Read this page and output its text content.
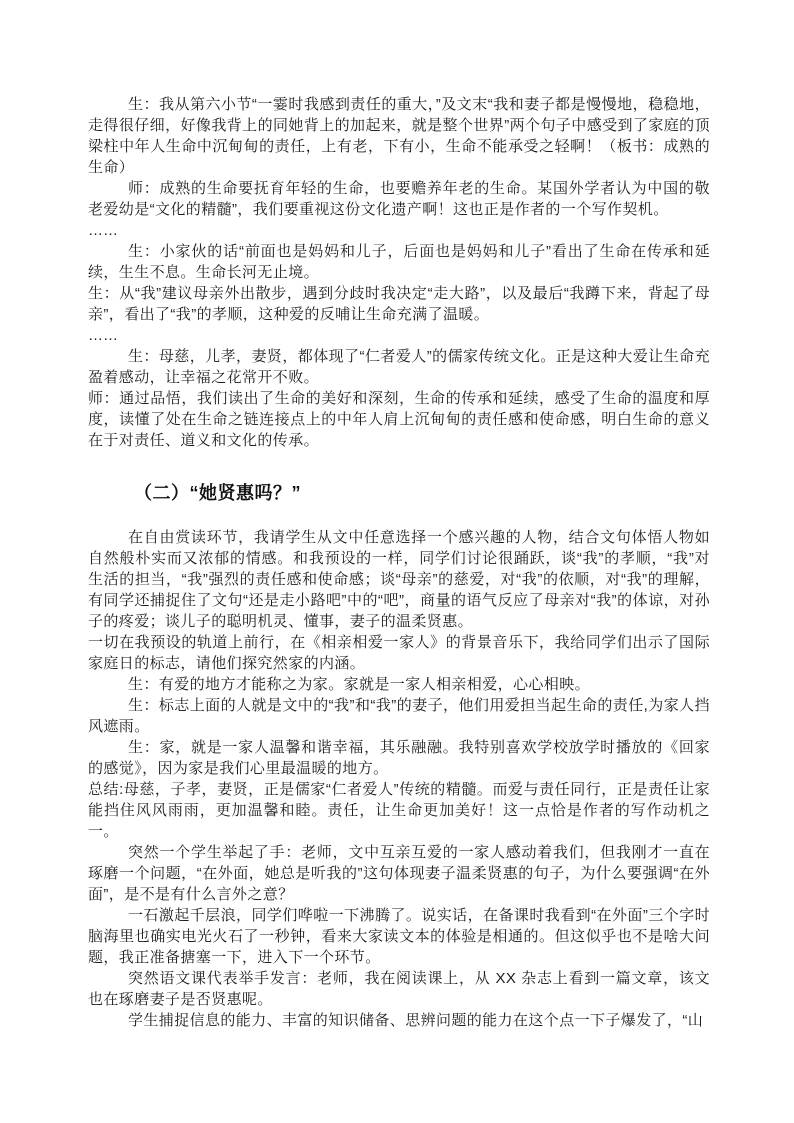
生：我从第六小节“一霎时我感到责任的重大，”及文末“我和妻子都是慢慢地，稳稳地，走得很仔细，好像我背上的同她背上的加起来，就是整个世界”两个句子中感受到了家庭的顶梁柱中年人生命中沉甸甸的责任，上有老，下有小，生命不能承受之轻啊！（板书：成熟的生命）

师：成熟的生命要抚育年轻的生命，也要赡养年老的生命。某国外学者认为中国的敬老爱幼是“文化的精髓”，我们要重视这份文化遗产啊！这也正是作者的一个写作契机。

……

生：小家伙的话“前面也是妈妈和儿子，后面也是妈妈和儿子”看出了生命在传承和延续，生生不息。生命长河无止境。

生：从“我”建议母亲外出散步，遇到分歧时我决定“走大路”，以及最后“我蹲下来，背起了母亲”，看出了“我”的孝顺，这种爱的反哺让生命充满了温暖。

……

生：母慈，儿孝，妻贤，都体现了“仁者爱人”的儒家传统文化。正是这种大爱让生命充盈着感动，让幸福之花常开不败。

师：通过品悟，我们读出了生命的美好和深刻，生命的传承和延续，感受了生命的温度和厚度，读懂了处在生命之链连接点上的中年人肩上沉甸甸的责任感和使命感，明白生命的意义在于对责任、道义和文化的传承。

（二）“她贤惠吗？”

在自由赏读环节，我请学生从文中任意选择一个感兴趣的人物，结合文句体悟人物如自然般朴实而又浓郁的情感。和我预设的一样，同学们讨论很踊跃，谈“我”的孝顺，“我”对生活的担当，“我”强烈的责任感和使命感；谈“母亲”的慈爱，对“我”的依顺，对“我”的理解，有同学还捕捉住了文句“还是走小路吧”中的“吧”，商量的语气反应了母亲对“我”的体谅，对孙子的疼爱；谈儿子的聪明机灵、懂事，妻子的温柔贤惠。

一切在我预设的轨道上前行，在《相亲相爱一家人》的背景音乐下，我给同学们出示了国际家庭日的标志，请他们探究然家的内涵。

生：有爱的地方才能称之为家。家就是一家人相亲相爱，心心相映。

生：标志上面的人就是文中的“我”和“我”的妻子，他们用爱担当起生命的责任,为家人挡风遮雨。

生：家，就是一家人温馨和谐幸福，其乐融融。我特别喜欢学校放学时播放的《回家的感觉》，因为家是我们心里最温暖的地方。

总结:母慈，子孝，妻贤，正是儒家“仁者爱人”传统的精髓。而爱与责任同行，正是责任让家能挡住风风雨雨，更加温馨和睦。责任，让生命更加美好！这一点恰是作者的写作动机之一。

突然一个学生举起了手：老师，文中互亲互爱的一家人感动着我们，但我刚才一直在琢磨一个问题，“在外面，她总是听我的”这句体现妻子温柔贤惠的句子，为什么要强调“在外面”，是不是有什么言外之意？

一石激起千层浪，同学们哗啦一下沸腾了。说实话，在备课时我看到“在外面”三个字时脑海里也确实电光火石了一秒钟，看来大家读文本的体验是相通的。但这似乎也不是啥大问题，我正准备搪塞一下，进入下一个环节。

突然语文课代表举手发言：老师，我在阅读课上，从 XX 杂志上看到一篇文章，该文也在琢磨妻子是否贤惠呢。

学生捕捉信息的能力、丰富的知识储备、思辨问题的能力在这个点一下子爆发了，“山
